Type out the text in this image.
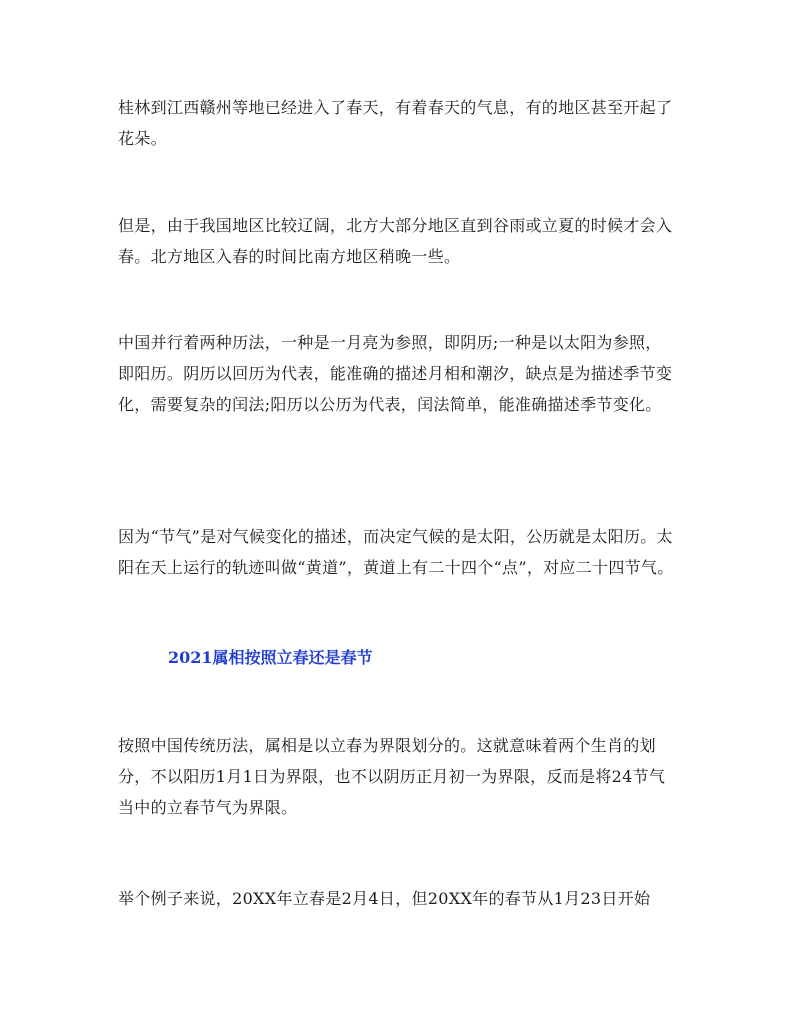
桂林到江西赣州等地已经进入了春天，有着春天的气息，有的地区甚至开起了花朵。

但是，由于我国地区比较辽阔，北方大部分地区直到谷雨或立夏的时候才会入春。北方地区入春的时间比南方地区稍晚一些。

中国并行着两种历法，一种是一月亮为参照，即阴历;一种是以太阳为参照，即阳历。阴历以回历为代表，能准确的描述月相和潮汐，缺点是为描述季节变化，需要复杂的闰法;阳历以公历为代表，闰法简单，能准确描述季节变化。

因为“节气”是对气候变化的描述，而决定气候的是太阳，公历就是太阳历。太阳在天上运行的轨迹叫做“黄道”，黄道上有二十四个“点”，对应二十四节气。

2021属相按照立春还是春节

按照中国传统历法，属相是以立春为界限划分的。这就意味着两个生肖的划分，不以阳历1月1日为界限，也不以阴历正月初一为界限，反而是将24节气当中的立春节气为界限。

举个例子来说，20XX年立春是2月4日，但20XX年的春节从1月23日开始
